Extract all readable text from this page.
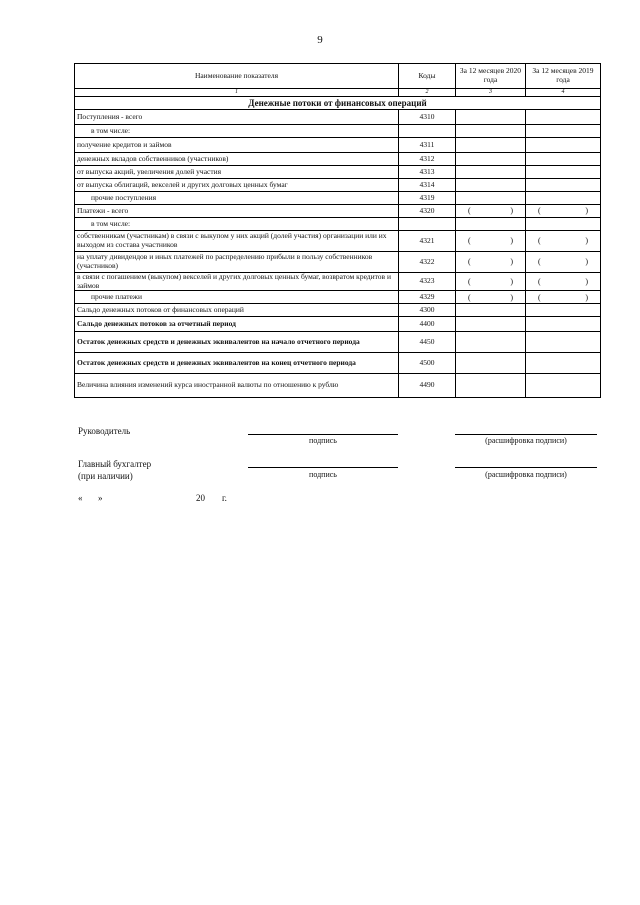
9
Наименование показателя	Коды	За 12 месяцев 2020 года	За 12 месяцев 2019 года
1	2	3	4
Денежные потоки от финансовых операций			
Поступления - всего	4310		
в том числе:			
получение кредитов и займов	4311		
денежных вкладов собственников (участников)	4312		
от выпуска акций, увеличения долей участия	4313		
от выпуска облигаций, векселей и других долговых ценных бумаг	4314		
прочие поступления	4319		
Платежи - всего	4320	( )	( )

в том числе:			
собственникам (участникам) в связи с выкупом у них акций (долей участия) организации или их выходом из состава участников	4321	( )	( )

на уплату дивидендов и иных платежей по распределению прибыли в пользу собственников (участников)	4322	( )	( )

в связи с погашением (выкупом) векселей и других долговых ценных бумаг, возвратом кредитов и займов	4323	( )	( )

прочие платежи	4329	( )	( )

Сальдо денежных потоков от финансовых операций	4300		
Сальдо денежных потоков за отчетный период	4400		
Остаток денежных средств и денежных эквивалентов на начало отчетного периода	4450		
Остаток денежных средств и денежных эквивалентов на конец отчетного периода	4500		
Величина влияния изменений курса иностранной валюты по отношению к рублю	4490		
Руководитель
подпись	(расшифровка подписи)
Главный бухгалтер
(при наличии)	подпись	(расшифровка подписи)
« »	20 г.
